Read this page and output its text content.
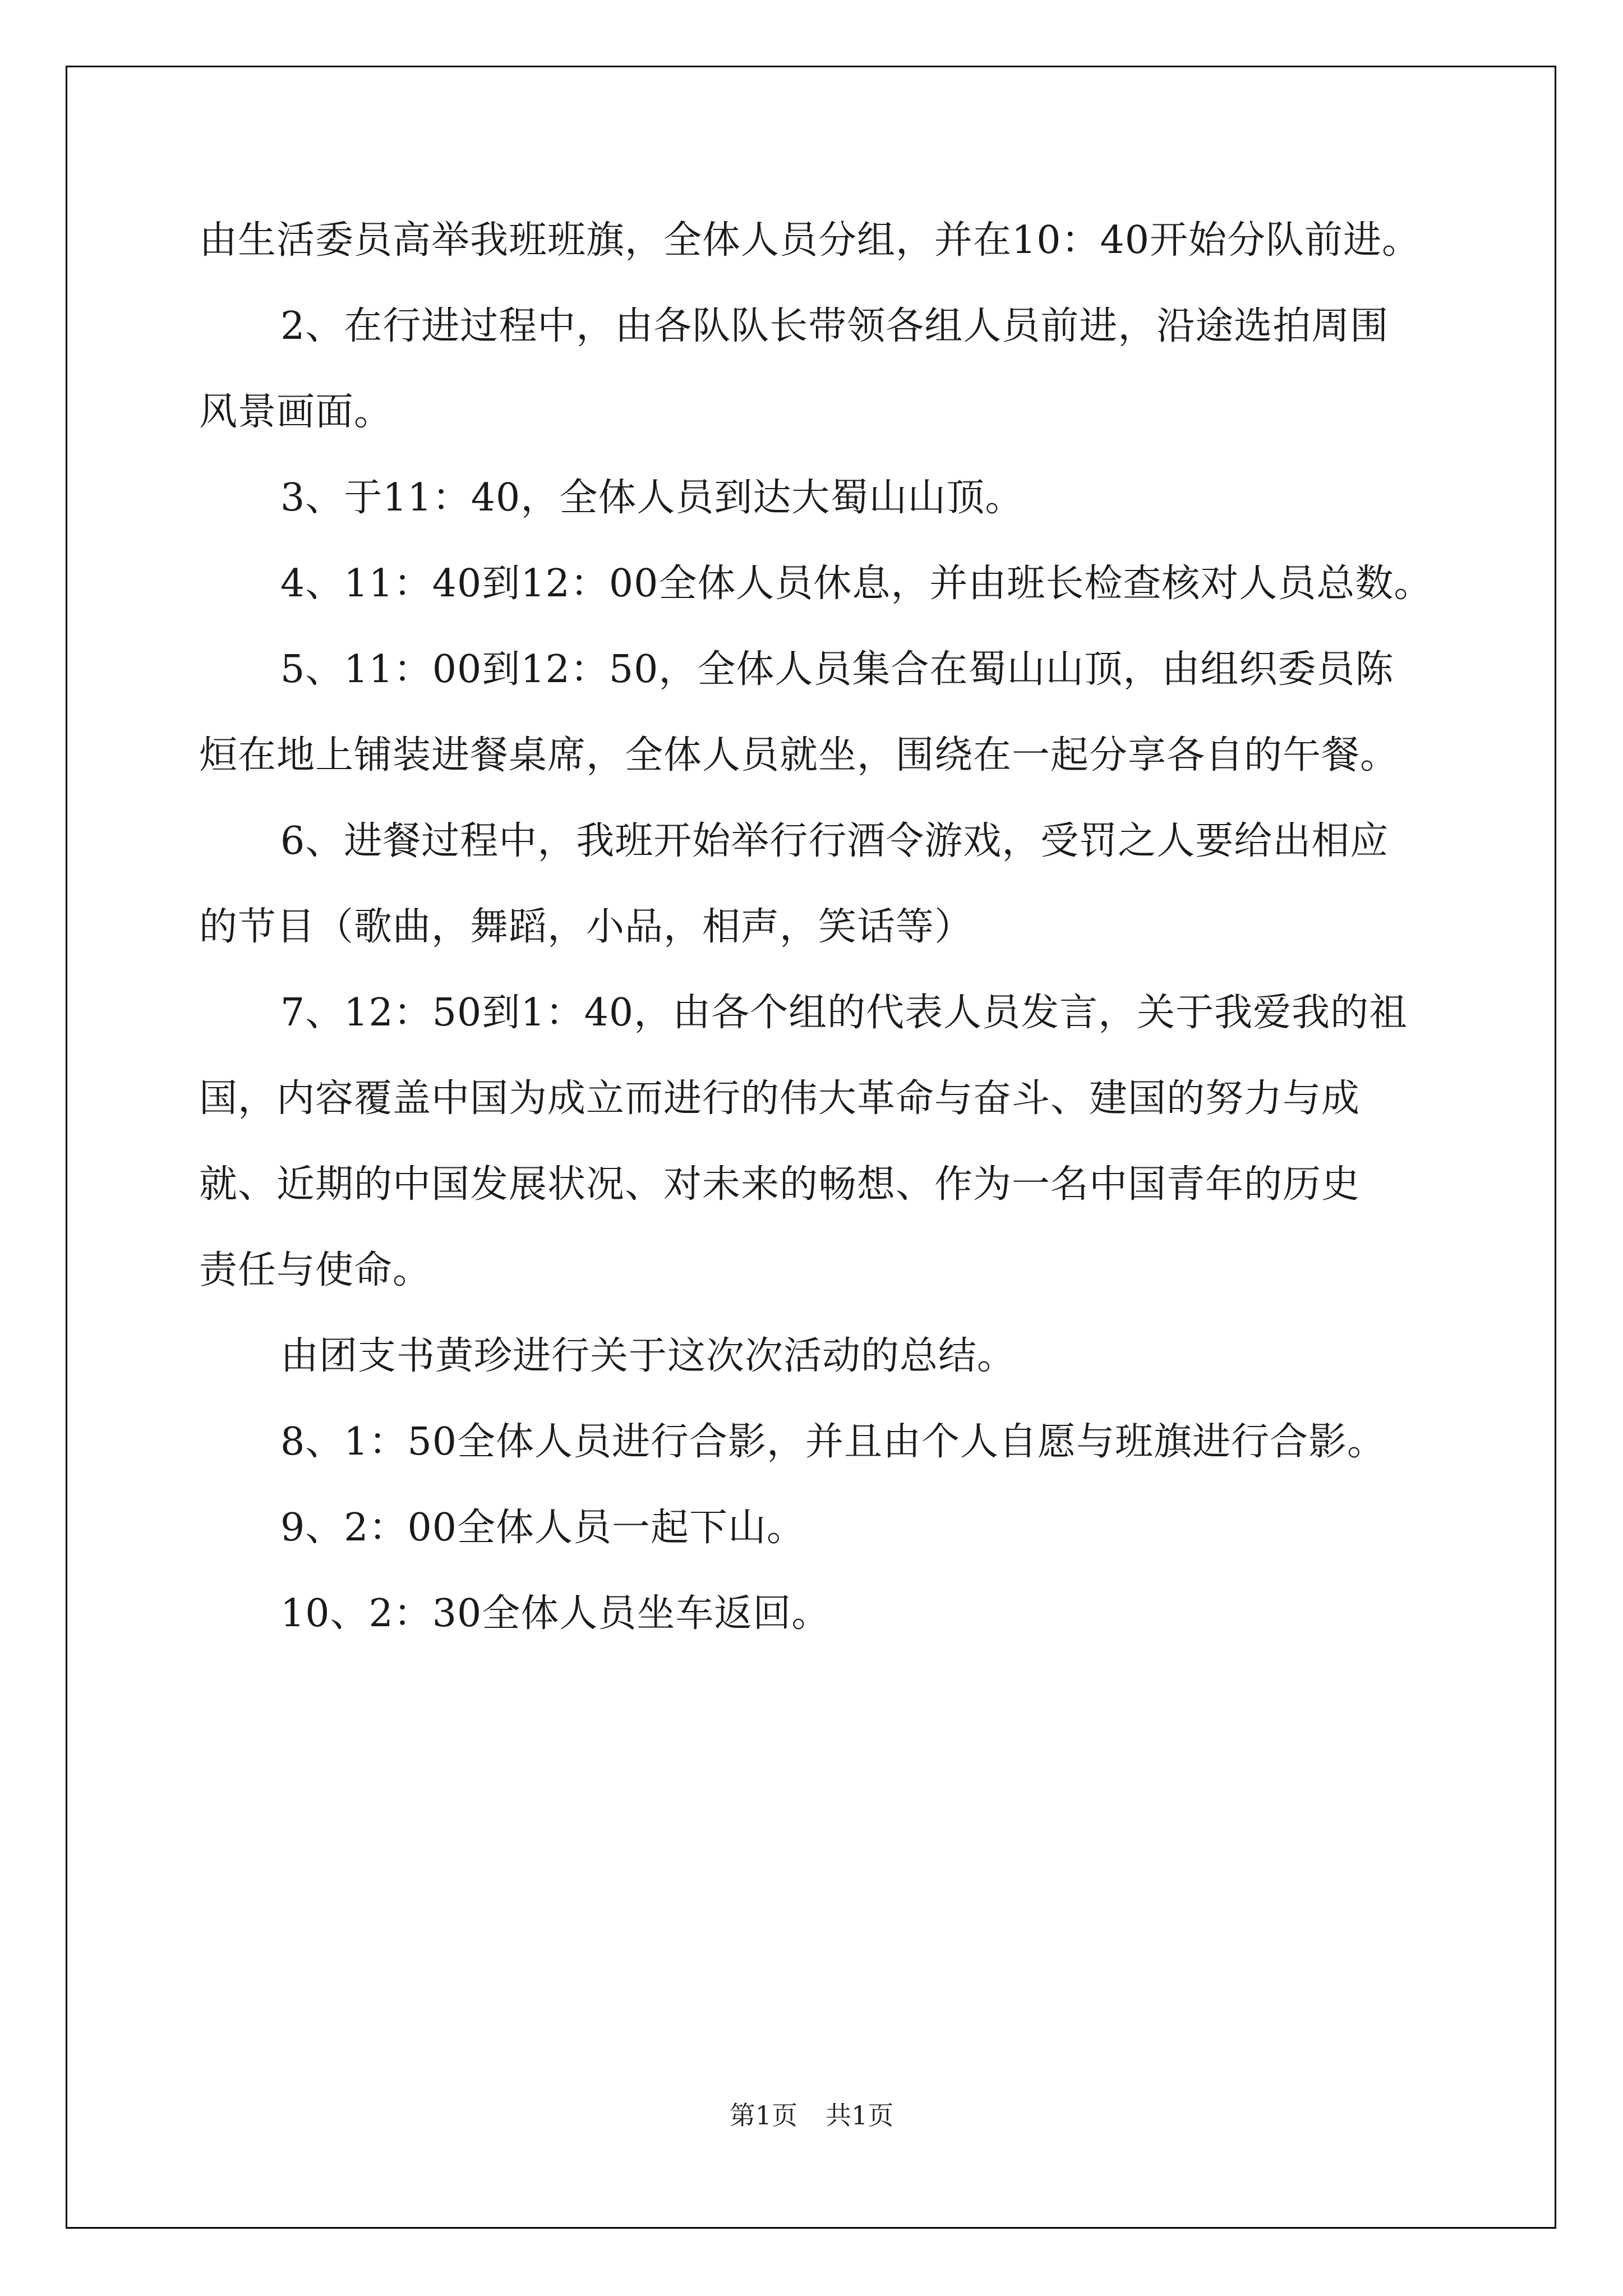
由生活委员高举我班班旗，全体人员分组，并在10：40开始分队前进。
2、在行进过程中，由各队队长带领各组人员前进，沿途选拍周围
风景画面。
3、于11：40，全体人员到达大蜀山山顶。
4、11：40到12：00全体人员休息，并由班长检查核对人员总数。
5、11：00到12：50，全体人员集合在蜀山山顶，由组织委员陈
烜在地上铺装进餐桌席，全体人员就坐，围绕在一起分享各自的午餐。
6、进餐过程中，我班开始举行行酒令游戏，受罚之人要给出相应
的节目（歌曲，舞蹈，小品，相声，笑话等）
7、12：50到1：40，由各个组的代表人员发言，关于我爱我的祖
国，内容覆盖中国为成立而进行的伟大革命与奋斗、建国的努力与成
就、近期的中国发展状况、对未来的畅想、作为一名中国青年的历史
责任与使命。
由团支书黄珍进行关于这次次活动的总结。
8、1：50全体人员进行合影，并且由个人自愿与班旗进行合影。
9、2：00全体人员一起下山。
10、2：30全体人员坐车返回。
第1页 共1页
